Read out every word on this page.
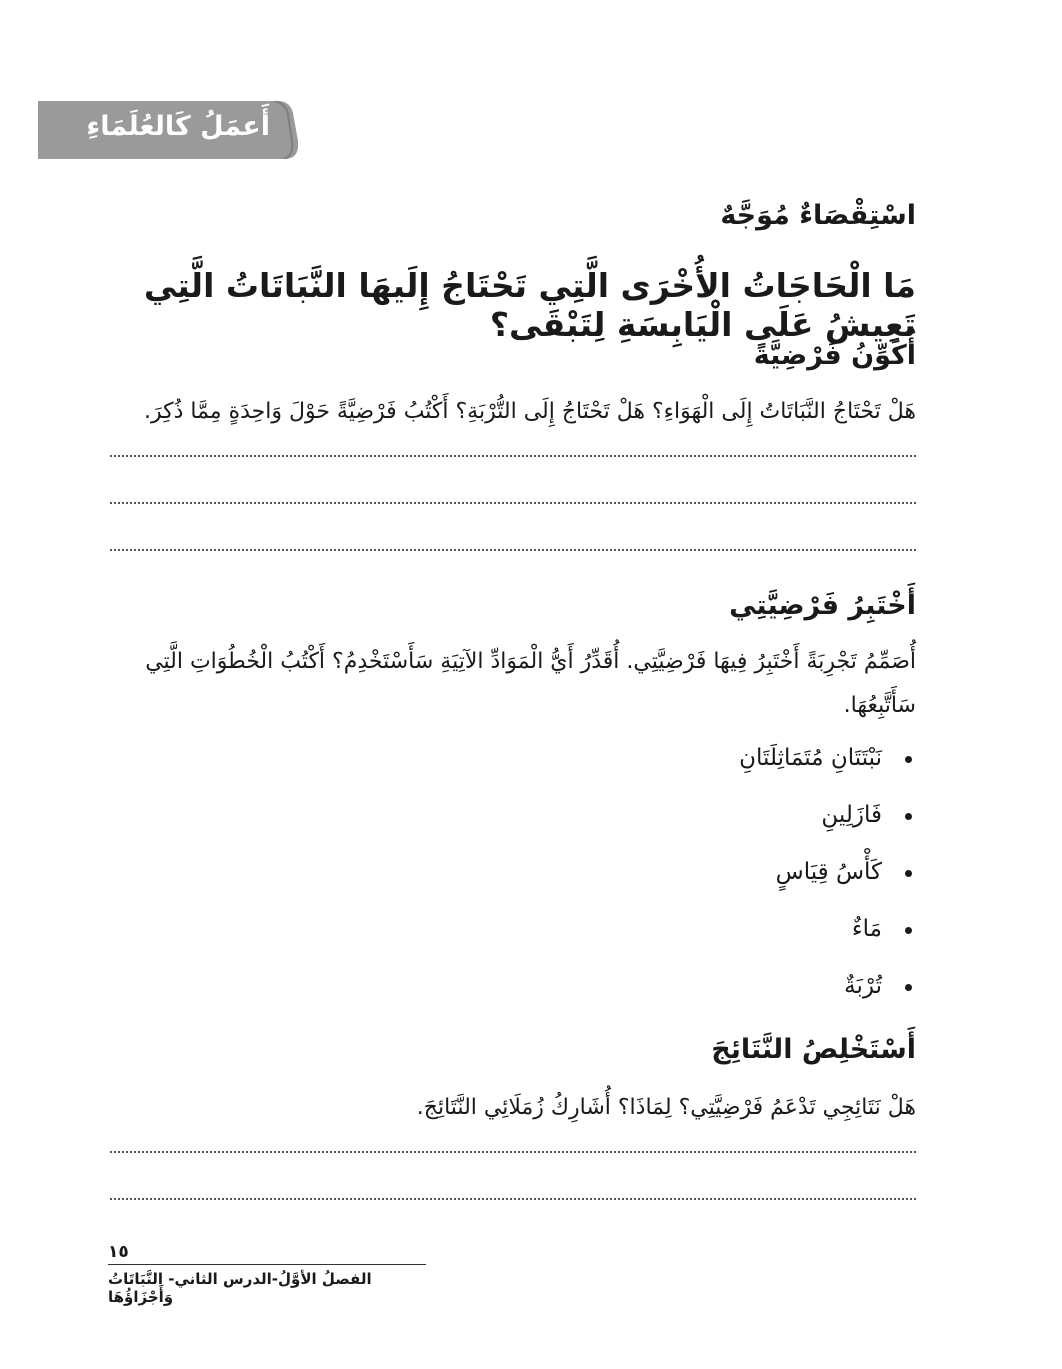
أَعمَلُ كَالعُلَمَاءِ
اسْتِقْصَاءٌ مُوَجَّهٌ
مَا الْحَاجَاتُ الأُخْرَى الَّتِي تَحْتَاجُ إِلَيهَا النَّبَاتَاتُ الَّتِي تَعِيشُ عَلَى الْيَابِسَةِ لِتَبْقَى؟
أُكَوِّنُ فَرْضِيَّةً
هَلْ تَحْتَاجُ النَّبَاتَاتُ إِلَى الْهَوَاءِ؟ هَلْ تَحْتَاجُ إِلَى التُّرْبَةِ؟ أَكْتُبُ فَرْضِيَّةً حَوْلَ وَاحِدَةٍ مِمَّا ذُكِرَ.
أَخْتَبِرُ فَرْضِيَّتِي
أُصَمِّمُ تَجْرِبَةً أَخْتَبِرُ فِيهَا فَرْضِيَّتِي. أُقَدِّرُ أَيُّ الْمَوَادِّ الآتِيَةِ سَأَسْتَخْدِمُ؟ أَكْتُبُ الْخُطُوَاتِ الَّتِي سَأَتَّبِعُهَا.
نَبْتَتَانِ مُتَمَاثِلَتَانِ
فَازَلِينِ
كَأْسُ قِيَاسٍ
مَاءٌ
تُرْبَةٌ
أَسْتَخْلِصُ النَّتَائِجَ
هَلْ نَتَائِجِي تَدْعَمُ فَرْضِيَّتِي؟ لِمَاذَا؟ أُشَارِكُ زُمَلَائِي النَّتَائِجَ.
١٥
الفصلُ الأوَّلُ-الدرس الثاني- النَّبَاتَاتُ وَأَجْزَاؤُهَا
